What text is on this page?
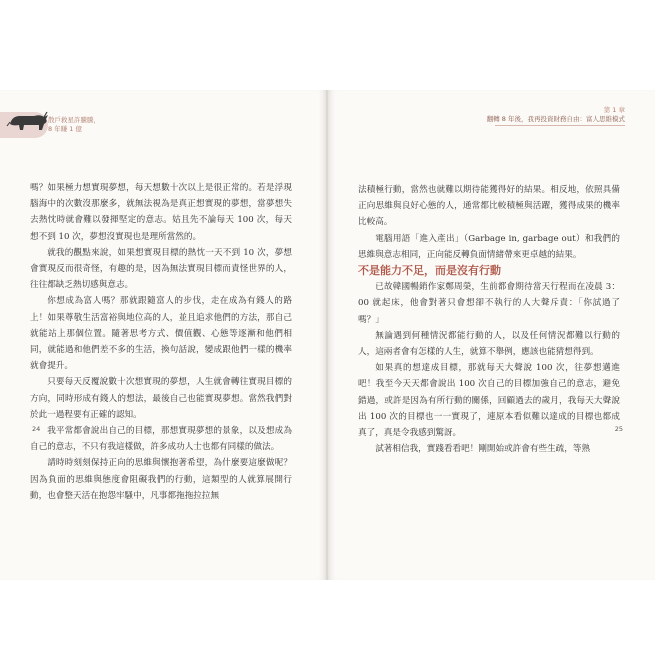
散戶救星許騰騰，
8 年賺 1 億

嗎？如果極力想實現夢想，每天想數十次以上是很正常的。若是浮現腦海中的次數沒那麼多，就無法視為是真正想實現的夢想，當夢想失去熱忱時就會難以發揮堅定的意志。姑且先不論每天 100 次，每天想不到 10 次，夢想沒實現也是理所當然的。

就我的觀點來說，如果想實現目標的熱忱一天不到 10 次，夢想會實現反而很奇怪，有趣的是，因為無法實現目標而責怪世界的人，往往都缺乏熱切感與意志。

你想成為富人嗎？那就跟隨富人的步伐，走在成為有錢人的路上！如果尊敬生活富裕與地位高的人，並且追求他們的方法，那自己就能站上那個位置。隨著思考方式、價值觀、心態等逐漸和他們相同，就能過和他們差不多的生活，換句話說，變成跟他們一樣的機率就會提升。

只要每天反覆說數十次想實現的夢想，人生就會轉往實現目標的方向，同時形成有錢人的想法，最後自己也能實現夢想。當然我們對於此一過程要有正確的認知。

我平常都會說出自己的目標，那想實現夢想的景象，以及想成為自己的意志，不只有我這樣做，許多成功人士也都有同樣的做法。

請時時刻刻保持正向的思維與懷抱著希望，為什麼要這麼做呢？因為負面的思維與態度會阻礙我們的行動，這類型的人就算展開行動，也會整天活在抱怨牢騷中，凡事都拖拖拉拉無

24
第 1 章
翻轉 8 年後，我再投資財務自由：富人思維模式

法積極行動，當然也就難以期待能獲得好的結果。相反地，依照具備正向思維與良好心態的人，通常都比較積極與活躍，獲得成果的機率比較高。

電腦用語「進入產出」（Garbage in, garbage out）和我們的思維與意志相同，正向能反轉負面情緒帶來更卓越的結果。

不是能力不足，而是沒有行動

已故韓國暢銷作家鄭周榮，生前都會期待當天行程而在凌晨 3：00 就起床，他會對著只會想卻不執行的人大聲斥責：「你試過了嗎？」

無論遇到何種情況都能行動的人，以及任何情況都難以行動的人，這兩者會有怎樣的人生，就算不舉例，應該也能猜想得到。

如果真的想達成目標，那就每天大聲說 100 次，往夢想邁進吧！我至今天天都會說出 100 次自己的目標加強自己的意志，避免錯過，或許是因為有所行動的關係，回顧過去的歲月，我每天大聲說出 100 次的目標也一一實現了，連原本看似難以達成的目標也都成真了，真是令我感到驚訝。

試著相信我，實踐看看吧！剛開始或許會有些生疏，等熟

25
